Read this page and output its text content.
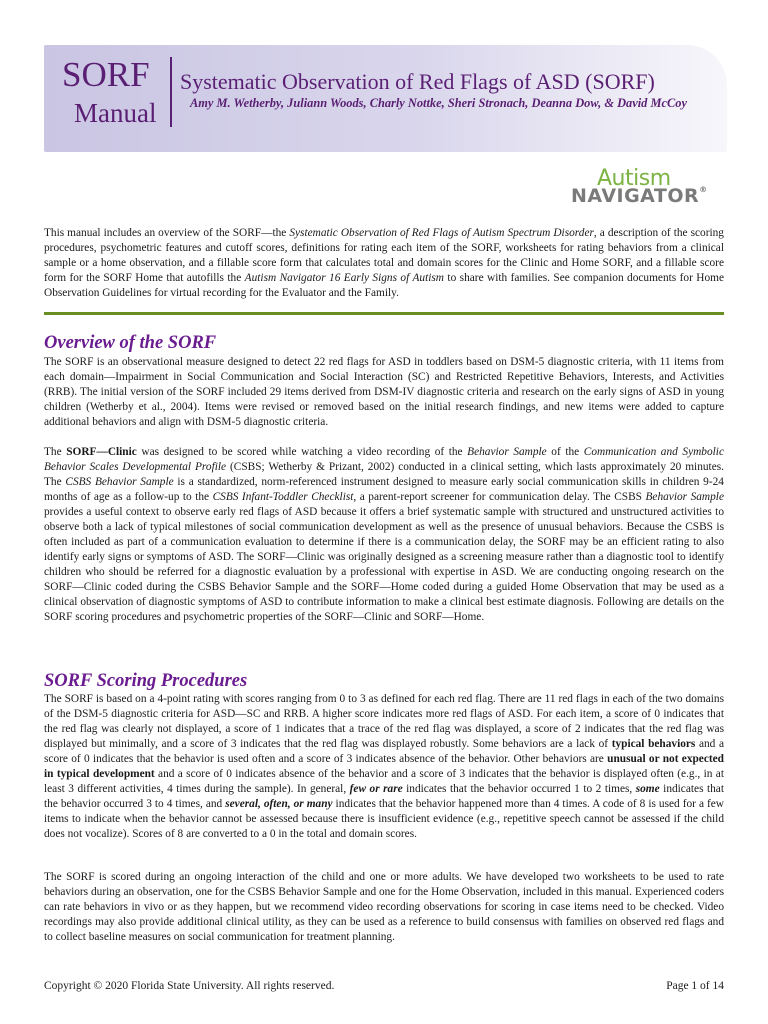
SORF
Manual
Systematic Observation of Red Flags of ASD (SORF)
Amy M. Wetherby, Juliann Woods, Charly Nottke, Sheri Stronach, Deanna Dow, & David McCoy
Autism
NAVIGATOR®

This manual includes an overview of the SORF—the Systematic Observation of Red Flags of Autism Spectrum Disorder, a description of the scoring procedures, psychometric features and cutoff scores, definitions for rating each item of the SORF, worksheets for rating behaviors from a clinical sample or a home observation, and a fillable score form that calculates total and domain scores for the Clinic and Home SORF, and a fillable score form for the SORF Home that autofills the Autism Navigator 16 Early Signs of Autism to share with families. See companion documents for Home Observation Guidelines for virtual recording for the Evaluator and the Family.

Overview of the SORF

The SORF is an observational measure designed to detect 22 red flags for ASD in toddlers based on DSM-5 diagnostic criteria, with 11 items from each domain—Impairment in Social Communication and Social Interaction (SC) and Restricted Repetitive Behaviors, Interests, and Activities (RRB). The initial version of the SORF included 29 items derived from DSM-IV diagnostic criteria and research on the early signs of ASD in young children (Wetherby et al., 2004). Items were revised or removed based on the initial research findings, and new items were added to capture additional behaviors and align with DSM-5 diagnostic criteria.

The SORF—Clinic was designed to be scored while watching a video recording of the Behavior Sample of the Communication and Symbolic Behavior Scales Developmental Profile (CSBS; Wetherby & Prizant, 2002) conducted in a clinical setting, which lasts approximately 20 minutes. The CSBS Behavior Sample is a standardized, norm-referenced instrument designed to measure early social communication skills in children 9-24 months of age as a follow-up to the CSBS Infant-Toddler Checklist, a parent-report screener for communication delay. The CSBS Behavior Sample provides a useful context to observe early red flags of ASD because it offers a brief systematic sample with structured and unstructured activities to observe both a lack of typical milestones of social communication development as well as the presence of unusual behaviors. Because the CSBS is often included as part of a communication evaluation to determine if there is a communication delay, the SORF may be an efficient rating to also identify early signs or symptoms of ASD. The SORF—Clinic was originally designed as a screening measure rather than a diagnostic tool to identify children who should be referred for a diagnostic evaluation by a professional with expertise in ASD. We are conducting ongoing research on the SORF—Clinic coded during the CSBS Behavior Sample and the SORF—Home coded during a guided Home Observation that may be used as a clinical observation of diagnostic symptoms of ASD to contribute information to make a clinical best estimate diagnosis. Following are details on the SORF scoring procedures and psychometric properties of the SORF—Clinic and SORF—Home.

SORF Scoring Procedures

The SORF is based on a 4-point rating with scores ranging from 0 to 3 as defined for each red flag. There are 11 red flags in each of the two domains of the DSM-5 diagnostic criteria for ASD—SC and RRB. A higher score indicates more red flags of ASD. For each item, a score of 0 indicates that the red flag was clearly not displayed, a score of 1 indicates that a trace of the red flag was displayed, a score of 2 indicates that the red flag was displayed but minimally, and a score of 3 indicates that the red flag was displayed robustly. Some behaviors are a lack of typical behaviors and a score of 0 indicates that the behavior is used often and a score of 3 indicates absence of the behavior. Other behaviors are unusual or not expected in typical development and a score of 0 indicates absence of the behavior and a score of 3 indicates that the behavior is displayed often (e.g., in at least 3 different activities, 4 times during the sample). In general, few or rare indicates that the behavior occurred 1 to 2 times, some indicates that the behavior occurred 3 to 4 times, and several, often, or many indicates that the behavior happened more than 4 times. A code of 8 is used for a few items to indicate when the behavior cannot be assessed because there is insufficient evidence (e.g., repetitive speech cannot be assessed if the child does not vocalize). Scores of 8 are converted to a 0 in the total and domain scores.

The SORF is scored during an ongoing interaction of the child and one or more adults. We have developed two worksheets to be used to rate behaviors during an observation, one for the CSBS Behavior Sample and one for the Home Observation, included in this manual. Experienced coders can rate behaviors in vivo or as they happen, but we recommend video recording observations for scoring in case items need to be checked. Video recordings may also provide additional clinical utility, as they can be used as a reference to build consensus with families on observed red flags and to collect baseline measures on social communication for treatment planning.

Copyright © 2020 Florida State University. All rights reserved.	Page 1 of 14
